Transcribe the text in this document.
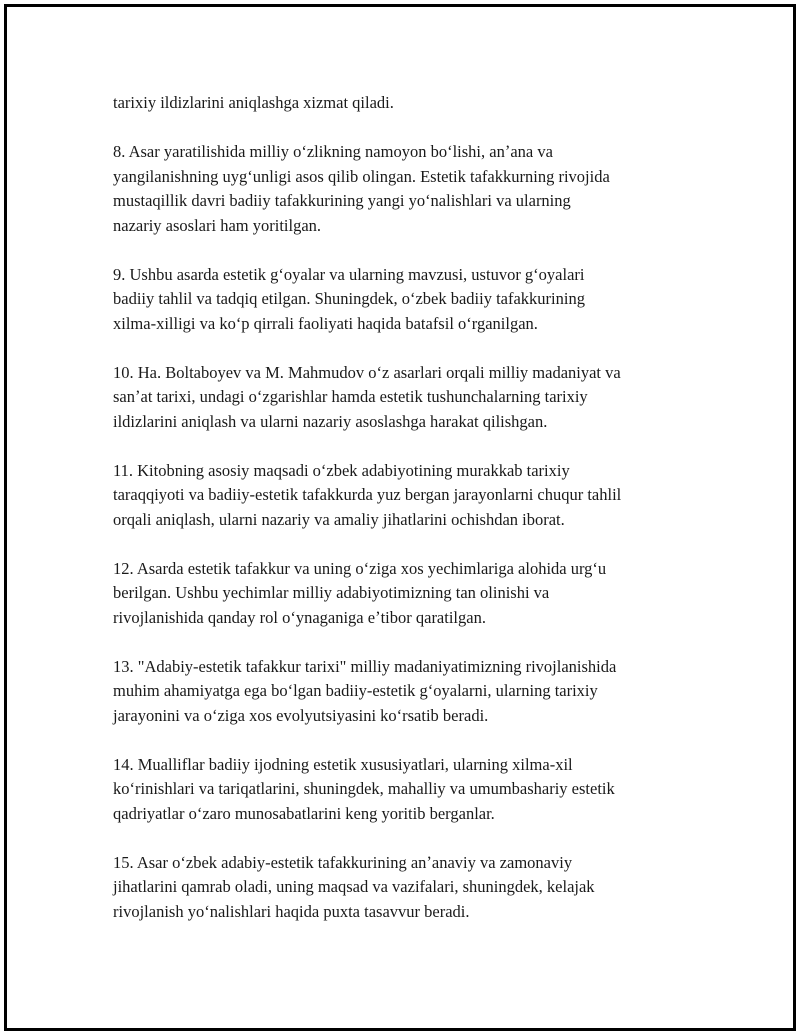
tarixiy ildizlarini aniqlashga xizmat qiladi.

8. Asar yaratilishida milliy oʻzlikning namoyon boʻlishi, anʼana va
yangilanishning uygʻunligi asos qilib olingan. Estetik tafakkurning rivojida
mustaqillik davri badiiy tafakkurining yangi yoʻnalishlari va ularning
nazariy asoslari ham yoritilgan.

9. Ushbu asarda estetik gʻoyalar va ularning mavzusi, ustuvor gʻoyalari
badiiy tahlil va tadqiq etilgan. Shuningdek, oʻzbek badiiy tafakkurining
xilma-xilligi va koʻp qirrali faoliyati haqida batafsil oʻrganilgan.

10. Ha. Boltaboyev va M. Mahmudov oʻz asarlari orqali milliy madaniyat va
sanʼat tarixi, undagi oʻzgarishlar hamda estetik tushunchalarning tarixiy
ildizlarini aniqlash va ularni nazariy asoslashga harakat qilishgan.

11. Kitobning asosiy maqsadi oʻzbek adabiyotining murakkab tarixiy
taraqqiyoti va badiiy-estetik tafakkurda yuz bergan jarayonlarni chuqur tahlil
orqali aniqlash, ularni nazariy va amaliy jihatlarini ochishdan iborat.

12. Asarda estetik tafakkur va uning oʻziga xos yechimlariga alohida urgʻu
berilgan. Ushbu yechimlar milliy adabiyotimizning tan olinishi va
rivojlanishida qanday rol oʻynaganiga eʼtibor qaratilgan.

13. "Adabiy-estetik tafakkur tarixi" milliy madaniyatimizning rivojlanishida
muhim ahamiyatga ega boʻlgan badiiy-estetik gʻoyalarni, ularning tarixiy
jarayonini va oʻziga xos evolyutsiyasini koʻrsatib beradi.

14. Mualliflar badiiy ijodning estetik xususiyatlari, ularning xilma-xil
koʻrinishlari va tariqatlarini, shuningdek, mahalliy va umumbashariy estetik
qadriyatlar oʻzaro munosabatlarini keng yoritib berganlar.

15. Asar oʻzbek adabiy-estetik tafakkurining anʼanaviy va zamonaviy
jihatlarini qamrab oladi, uning maqsad va vazifalari, shuningdek, kelajak
rivojlanish yoʻnalishlari haqida puxta tasavvur beradi.
